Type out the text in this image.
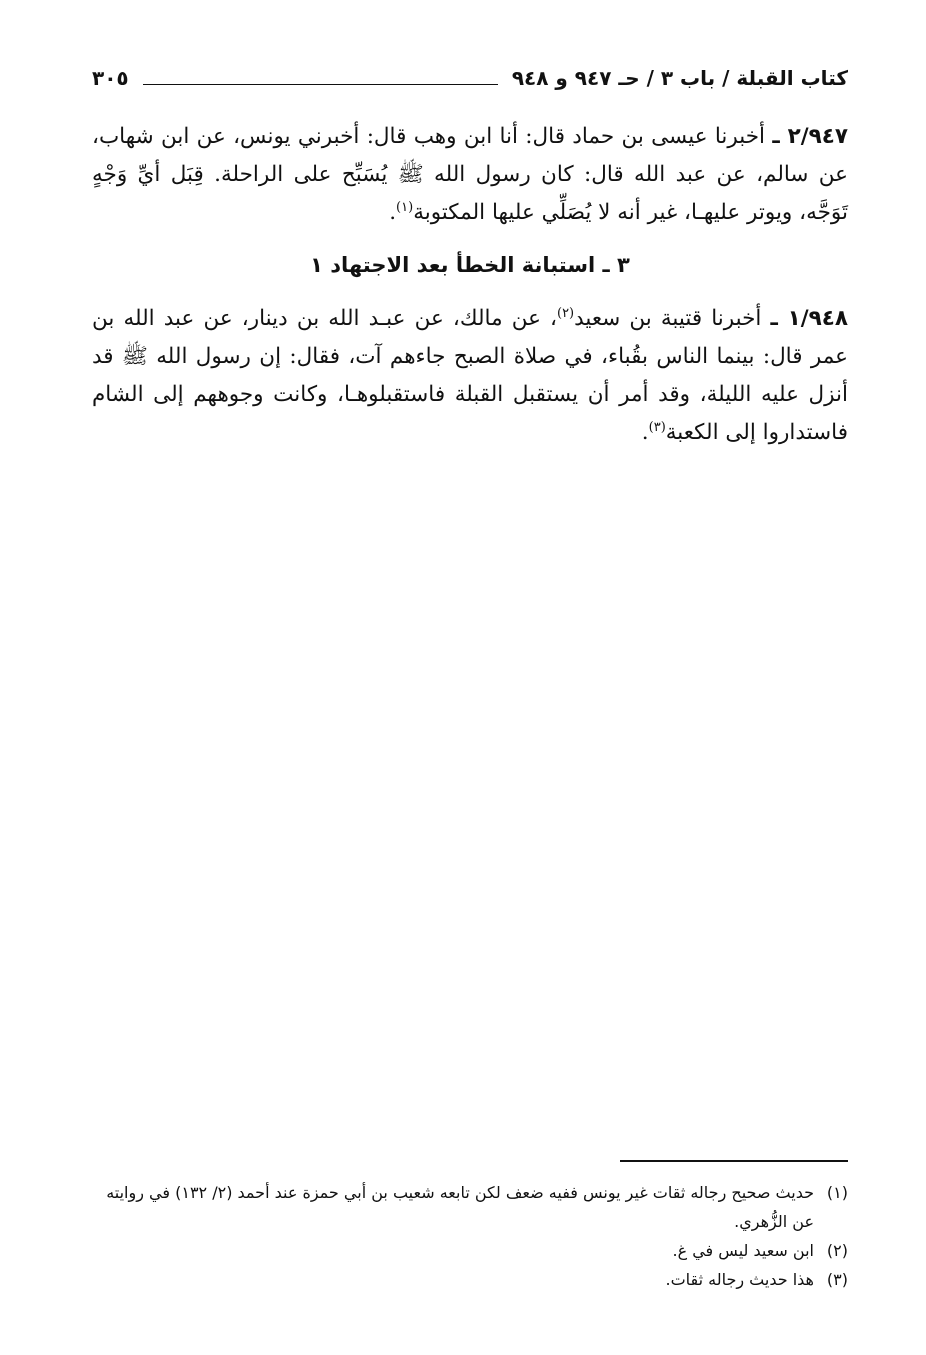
كتاب القبلة / باب ٣ / حـ ٩٤٧ و ٩٤٨
٣٠٥

٢/٩٤٧ ـ أخبرنا عيسى بن حماد قال: أنا ابن وهب قال: أخبرني يونس، عن ابن شهاب، عن سالم، عن عبد الله قال: كان رسول الله ﷺ يُسَبِّح على الراحلة. قِبَل أيِّ وَجْهٍ تَوَجَّه، ويوتر عليهـا، غير أنه لا يُصَلِّي عليها المكتوبة$^{(١)}$.

٣ ـ استبانة الخطأ بعد الاجتهاد ١

١/٩٤٨ ـ أخبرنا قتيبة بن سعيد$^{(٢)}$، عن مالك، عن عبـد الله بن دينار، عن عبد الله بن عمر قال: بينما الناس بقُباء، في صلاة الصبح جاءهم آت، فقال: إن رسول الله ﷺ قد أنزل عليه الليلة، وقد أمر أن يستقبل القبلة فاستقبلوهـا، وكانت وجوههم إلى الشام فاستداروا إلى الكعبة$^{(٣)}$.

(١)
حديث صحيح رجاله ثقات غير يونس ففيه ضعف لكن تابعه شعيب بن أبي حمزة عند أحمد (٢/ ١٣٢) في روايته عن الزُّهري.
(٢)
ابن سعيد ليس في غ.
(٣)
هذا حديث رجاله ثقات.
